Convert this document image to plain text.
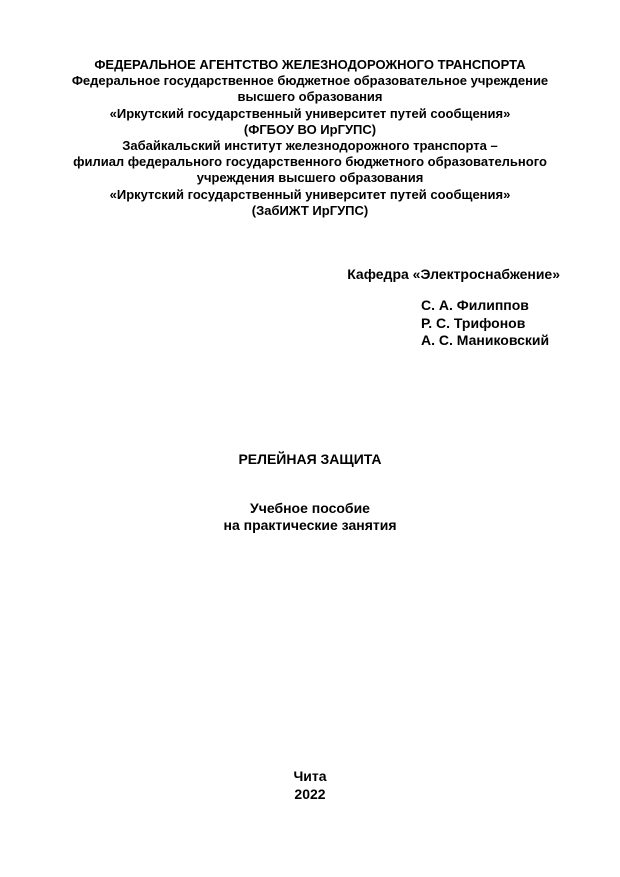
ФЕДЕРАЛЬНОЕ АГЕНТСТВО ЖЕЛЕЗНОДОРОЖНОГО ТРАНСПОРТА
Федеральное государственное бюджетное образовательное учреждение
высшего образования
«Иркутский государственный университет путей сообщения»
(ФГБОУ ВО ИрГУПС)
Забайкальский институт железнодорожного транспорта –
филиал федерального государственного бюджетного образовательного
учреждения высшего образования
«Иркутский государственный университет путей сообщения»
(ЗабИЖТ ИрГУПС)
Кафедра «Электроснабжение»
С. А. Филиппов
Р. С. Трифонов
А. С. Маниковский
РЕЛЕЙНАЯ ЗАЩИТА
Учебное пособие
на практические занятия
Чита
2022
